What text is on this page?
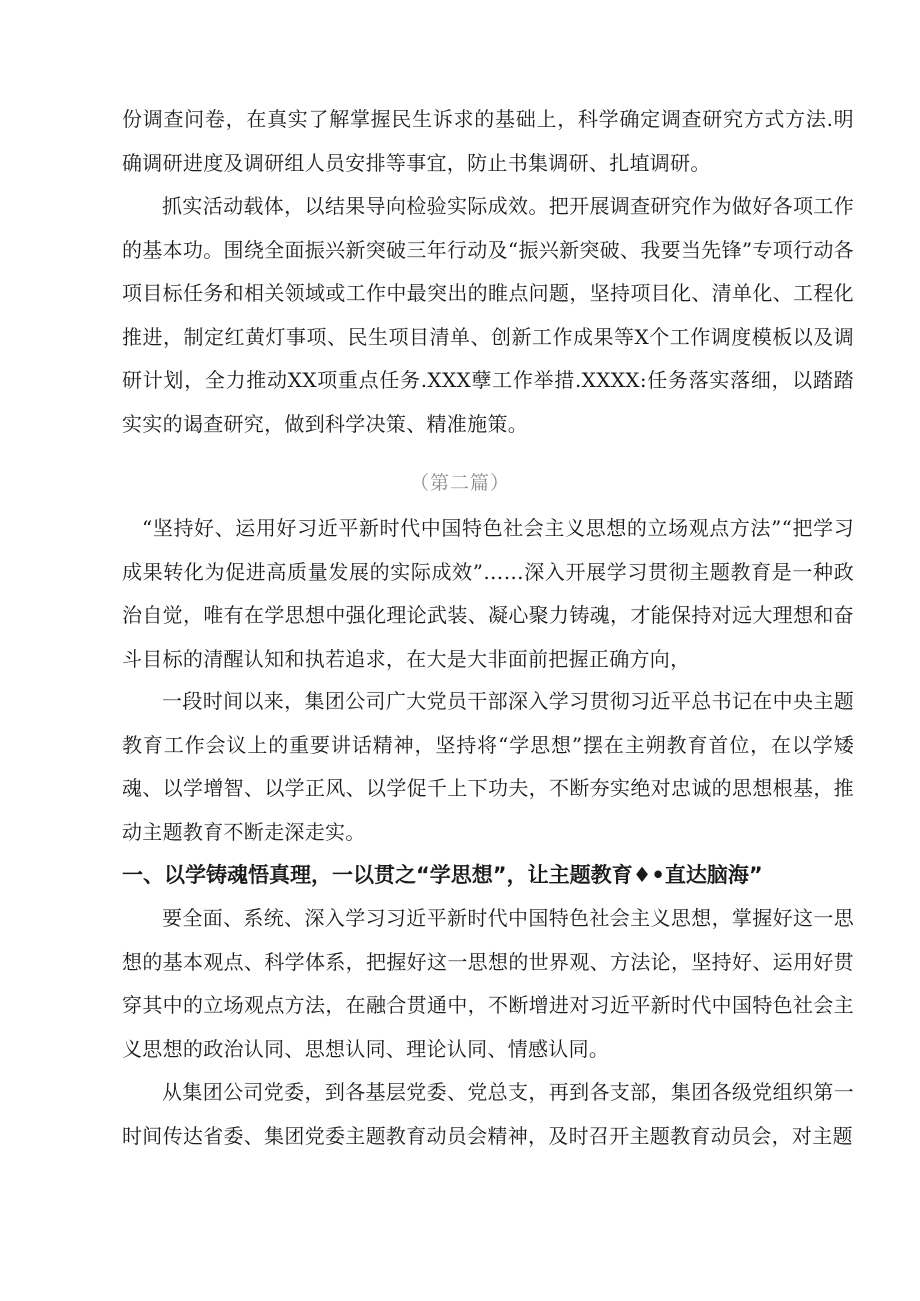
份调查问卷，在真实了解掌握民生诉求的基础上，科学确定调查研究方式方法.明确调研进度及调研组人员安排等事宜，防止书集调研、扎埴调研。

抓实活动载体，以结果导向检验实际成效。把开展调查研究作为做好各项工作的基本功。围绕全面振兴新突破三年行动及“振兴新突破、我要当先锋”专项行动各项目标任务和相关领域或工作中最突出的睢点问题，坚持项目化、清单化、工程化推进，制定红黄灯事项、民生项目清单、创新工作成果等X个工作调度模板以及调研计划，全力推动XX项重点任务.XXX孽工作举措.XXXX:任务落实落细，以踏踏实实的谒查研究，做到科学决策、精准施策。

（第二篇）

“坚持好、运用好习近平新时代中国特色社会主义思想的立场观点方法”“把学习成果转化为促进高质量发展的实际成效”……深入开展学习贯彻主题教育是一种政治自觉，唯有在学思想中强化理论武装、凝心聚力铸魂，才能保持对远大理想和奋斗目标的清醒认知和执若追求，在大是大非面前把握正确方向，

一段时间以来，集团公司广大党员干部深入学习贯彻习近平总书记在中央主题教育工作会议上的重要讲话精神，坚持将“学思想”摆在主朔教育首位，在以学矮魂、以学增智、以学正风、以学促千上下功夫，不断夯实绝对忠诚的思想根基，推动主题教育不断走深走实。

一、以学铸魂悟真理，一以贯之“学思想”，让主题教育♦•直达脑海”

要全面、系统、深入学习习近平新时代中国特色社会主义思想，掌握好这一思想的基本观点、科学体系，把握好这一思想的世界观、方法论，坚持好、运用好贯穿其中的立场观点方法，在融合贯通中，不断增进对习近平新时代中国特色社会主义思想的政治认同、思想认同、理论认同、情感认同。

从集团公司党委，到各基层党委、党总支，再到各支部，集团各级党组织第一时间传达省委、集团党委主题教育动员会精神，及时召开主题教育动员会，对主题
